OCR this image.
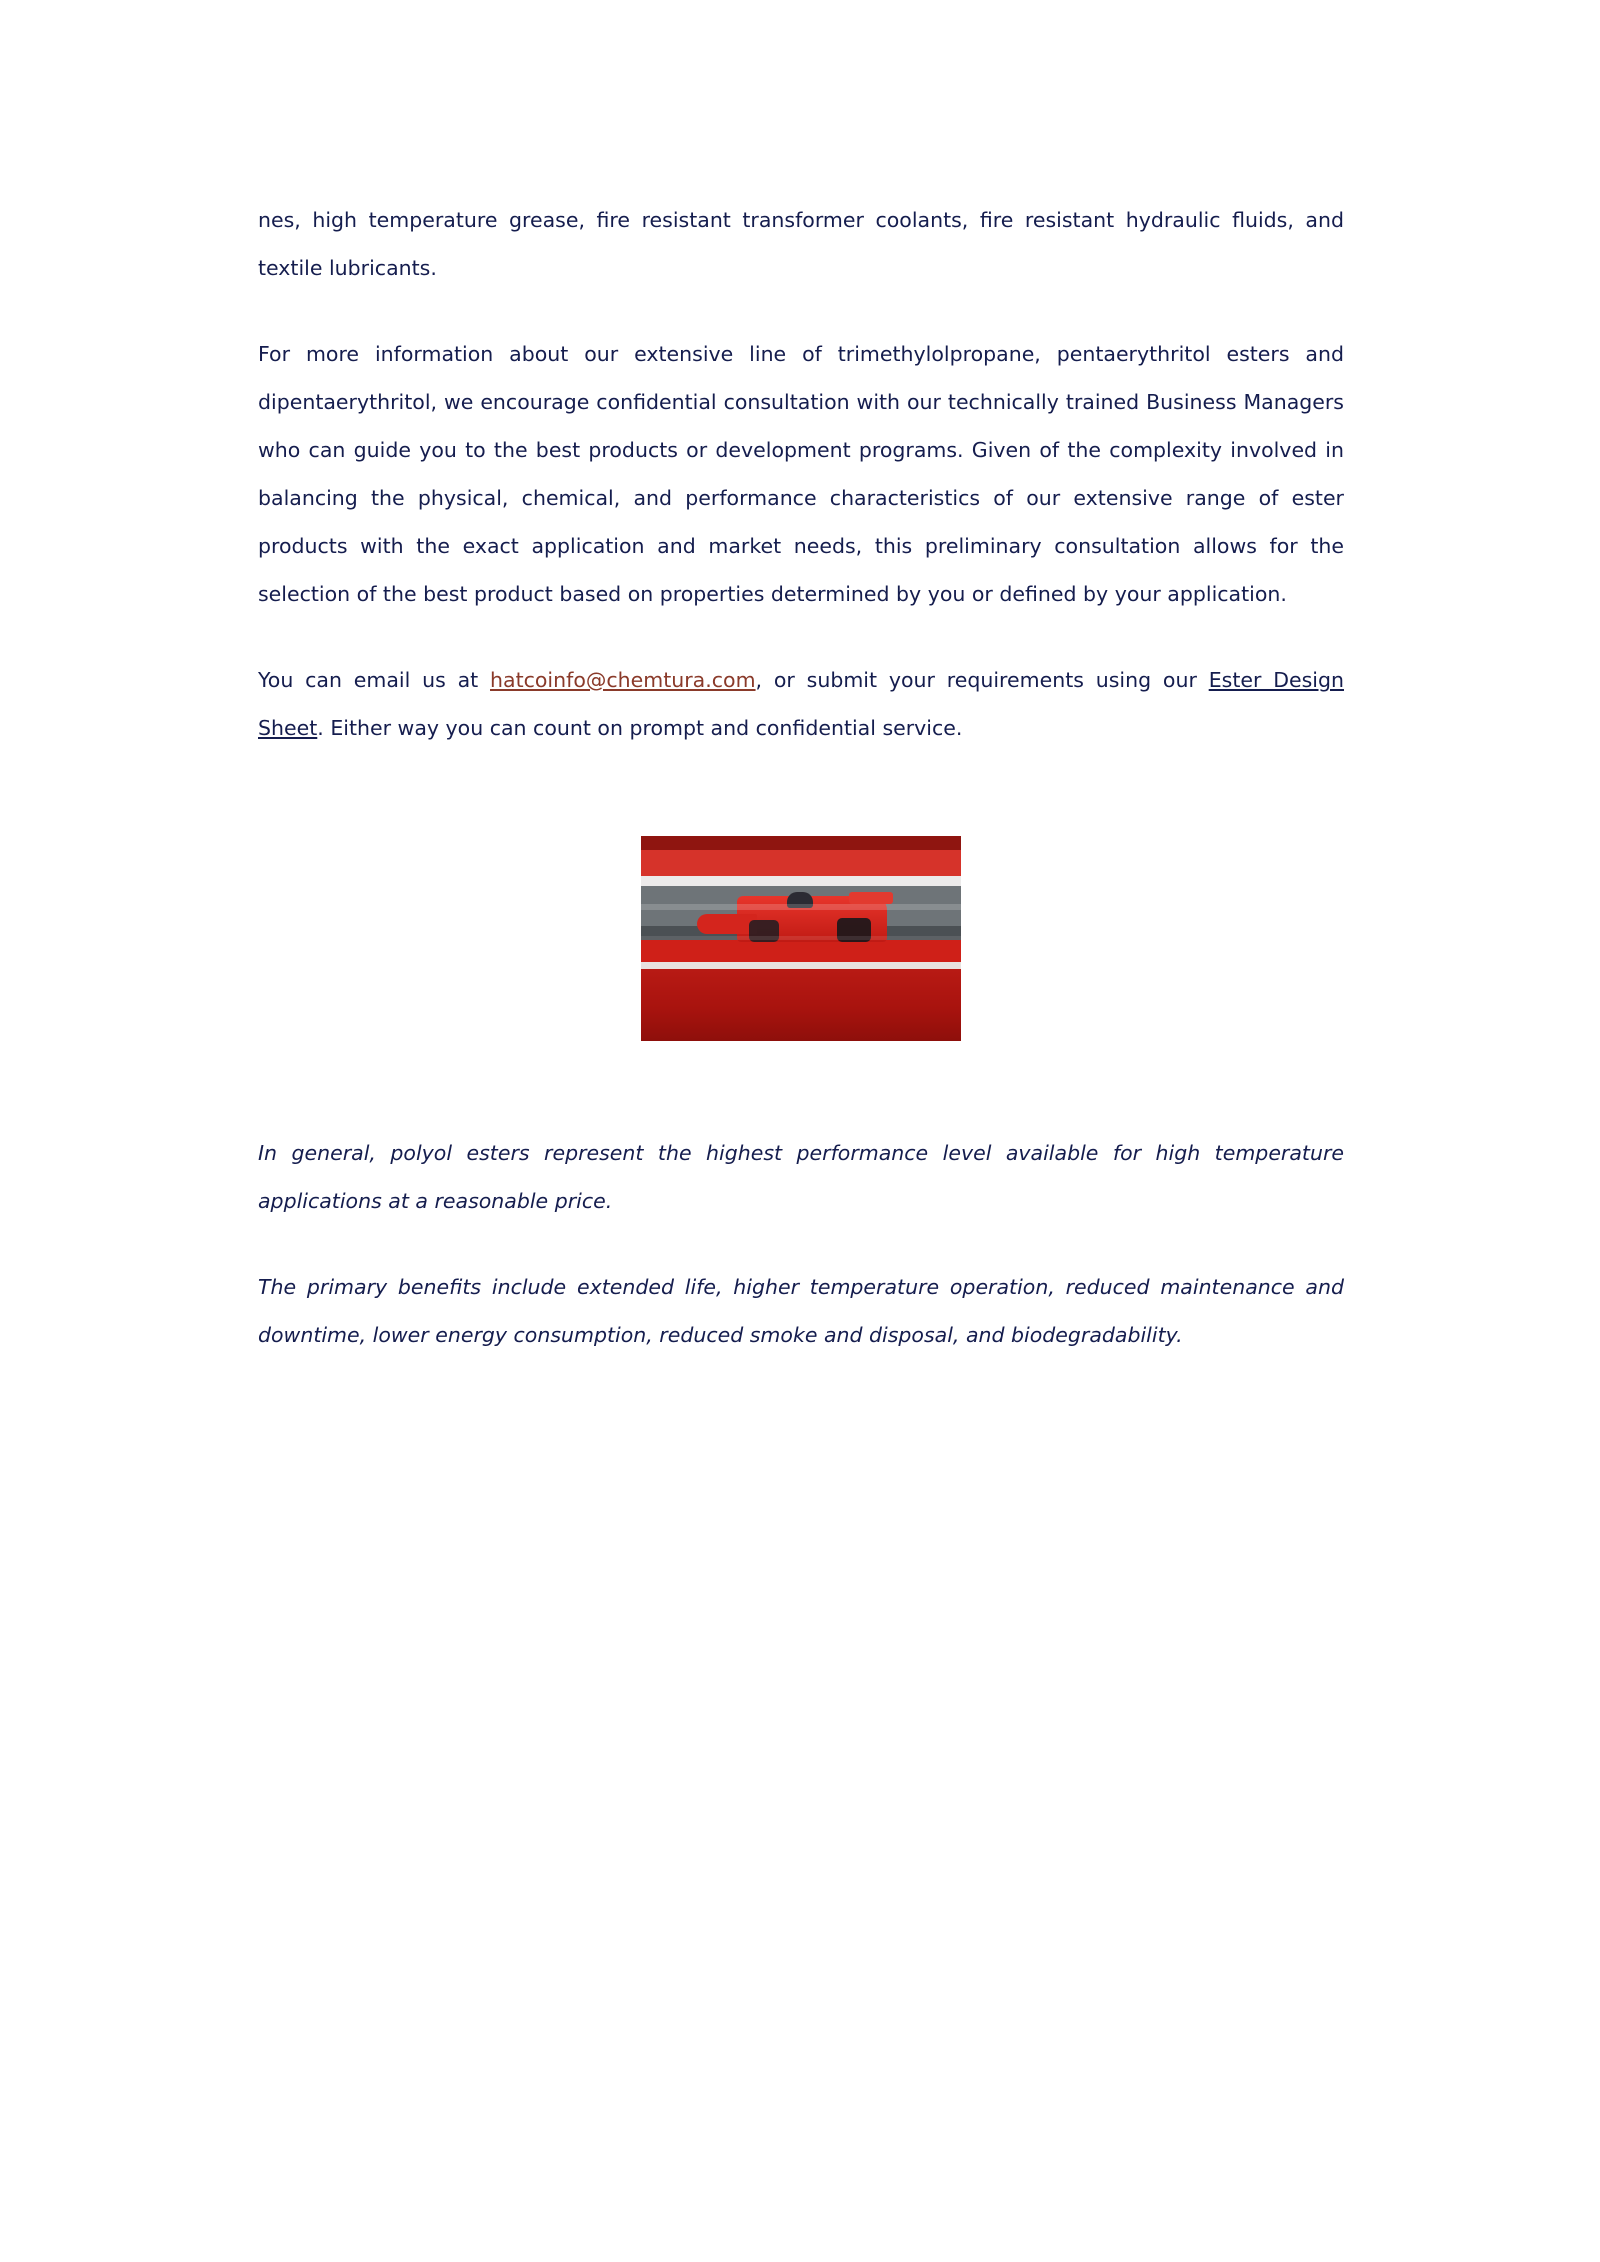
nes, high temperature grease, fire resistant transformer coolants, fire resistant hydraulic fluids, and textile lubricants.

For more information about our extensive line of trimethylolpropane, pentaerythritol esters and dipentaerythritol, we encourage confidential consultation with our technically trained Business Managers who can guide you to the best products or development programs. Given of the complexity involved in balancing the physical, chemical, and performance characteristics of our extensive range of ester products with the exact application and market needs, this preliminary consultation allows for the selection of the best product based on properties determined by you or defined by your application.

You can email us at hatcoinfo@chemtura.com, or submit your requirements using our Ester Design Sheet. Either way you can count on prompt and confidential service.

In general, polyol esters represent the highest performance level available for high temperature applications at a reasonable price.

The primary benefits include extended life, higher temperature operation, reduced maintenance and downtime, lower energy consumption, reduced smoke and disposal, and biodegradability.
